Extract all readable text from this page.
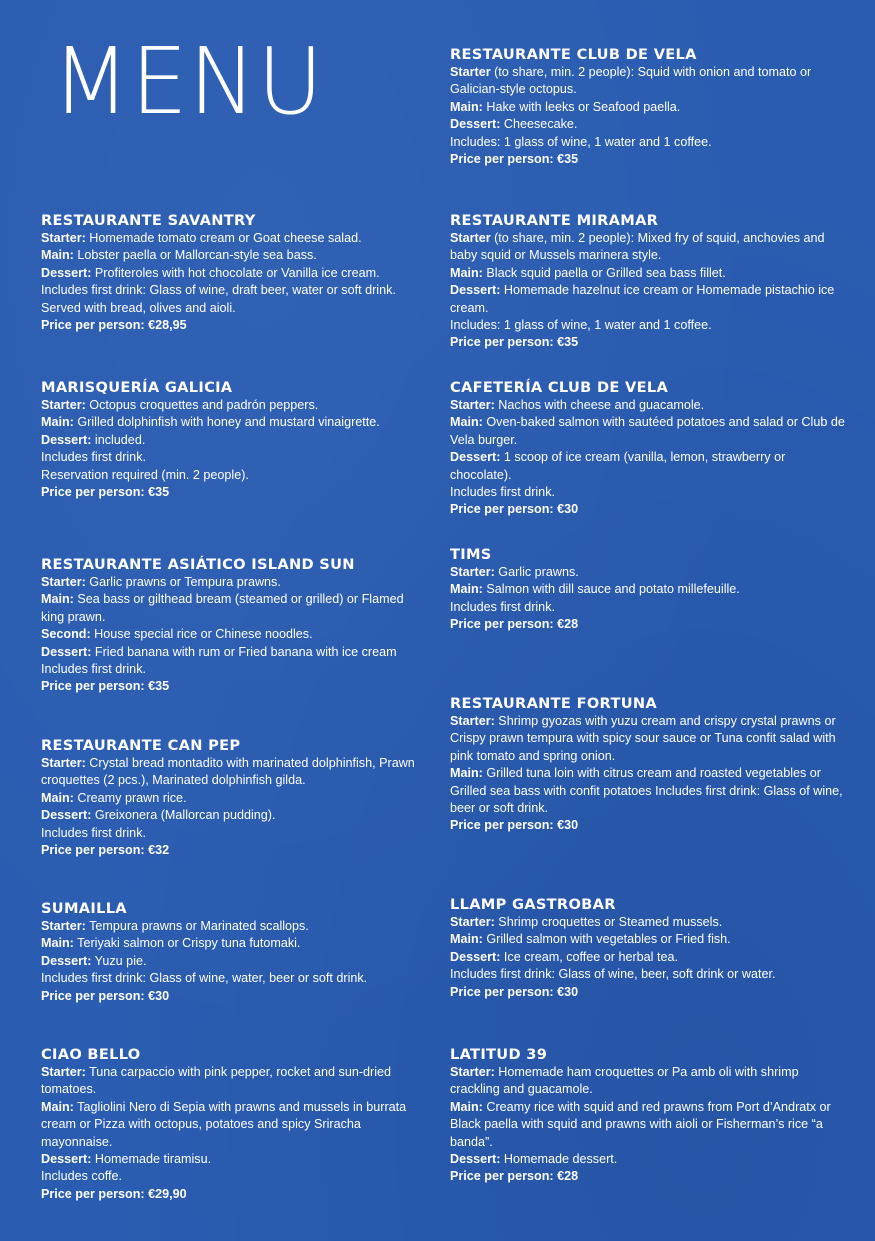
MENU
RESTAURANTE SAVANTRY

Starter: Homemade tomato cream or Goat cheese salad.

Main: Lobster paella or Mallorcan-style sea bass.

Dessert: Profiteroles with hot chocolate or Vanilla ice cream.

Includes first drink: Glass of wine, draft beer, water or soft drink.

Served with bread, olives and aioli.

Price per person: €28,95

MARISQUERÍA GALICIA

Starter: Octopus croquettes and padrón peppers.

Main: Grilled dolphinfish with honey and mustard vinaigrette.

Dessert: included.

Includes first drink.

Reservation required (min. 2 people).

Price per person: €35

RESTAURANTE ASIÁTICO ISLAND SUN

Starter: Garlic prawns or Tempura prawns.

Main: Sea bass or gilthead bream (steamed or grilled) or Flamed king prawn.

Second: House special rice or Chinese noodles.

Dessert: Fried banana with rum or Fried banana with ice cream

Includes first drink.

Price per person: €35

RESTAURANTE CAN PEP

Starter: Crystal bread montadito with marinated dolphinfish, Prawn croquettes (2 pcs.), Marinated dolphinfish gilda.

Main: Creamy prawn rice.

Dessert: Greixonera (Mallorcan pudding).

Includes first drink.

Price per person: €32

SUMAILLA

Starter: Tempura prawns or Marinated scallops.

Main: Teriyaki salmon or Crispy tuna futomaki.

Dessert: Yuzu pie.

Includes first drink: Glass of wine, water, beer or soft drink.

Price per person: €30

CIAO BELLO

Starter: Tuna carpaccio with pink pepper, rocket and sun-dried tomatoes.

Main: Tagliolini Nero di Sepia with prawns and mussels in burrata cream or Pizza with octopus, potatoes and spicy Sriracha mayonnaise.

Dessert: Homemade tiramisu.

Includes coffe.

Price per person: €29,90

RESTAURANTE CLUB DE VELA

Starter (to share, min. 2 people): Squid with onion and tomato or Galician-style octopus.

Main: Hake with leeks or Seafood paella.

Dessert: Cheesecake.

Includes: 1 glass of wine, 1 water and 1 coffee.

Price per person: €35

RESTAURANTE MIRAMAR

Starter (to share, min. 2 people): Mixed fry of squid, anchovies and baby squid or Mussels marinera style.

Main: Black squid paella or Grilled sea bass fillet.

Dessert: Homemade hazelnut ice cream or Homemade pistachio ice cream.

Includes: 1 glass of wine, 1 water and 1 coffee.

Price per person: €35

CAFETERÍA CLUB DE VELA

Starter: Nachos with cheese and guacamole.

Main: Oven-baked salmon with sautéed potatoes and salad or Club de Vela burger.

Dessert: 1 scoop of ice cream (vanilla, lemon, strawberry or chocolate).

Includes first drink.

Price per person: €30

TIMS

Starter: Garlic prawns.

Main: Salmon with dill sauce and potato millefeuille.

Includes first drink.

Price per person: €28

RESTAURANTE FORTUNA

Starter: Shrimp gyozas with yuzu cream and crispy crystal prawns or Crispy prawn tempura with spicy sour sauce or Tuna confit salad with pink tomato and spring onion.

Main: Grilled tuna loin with citrus cream and roasted vegetables or Grilled sea bass with confit potatoes Includes first drink: Glass of wine, beer or soft drink.

Price per person: €30

LLAMP GASTROBAR

Starter: Shrimp croquettes or Steamed mussels.

Main: Grilled salmon with vegetables or Fried fish.

Dessert: Ice cream, coffee or herbal tea.

Includes first drink: Glass of wine, beer, soft drink or water.

Price per person: €30

LATITUD 39

Starter: Homemade ham croquettes or Pa amb oli with shrimp crackling and guacamole.

Main: Creamy rice with squid and red prawns from Port d’Andratx or Black paella with squid and prawns with aioli or Fisherman’s rice “a banda”.

Dessert: Homemade dessert.

Price per person: €28
